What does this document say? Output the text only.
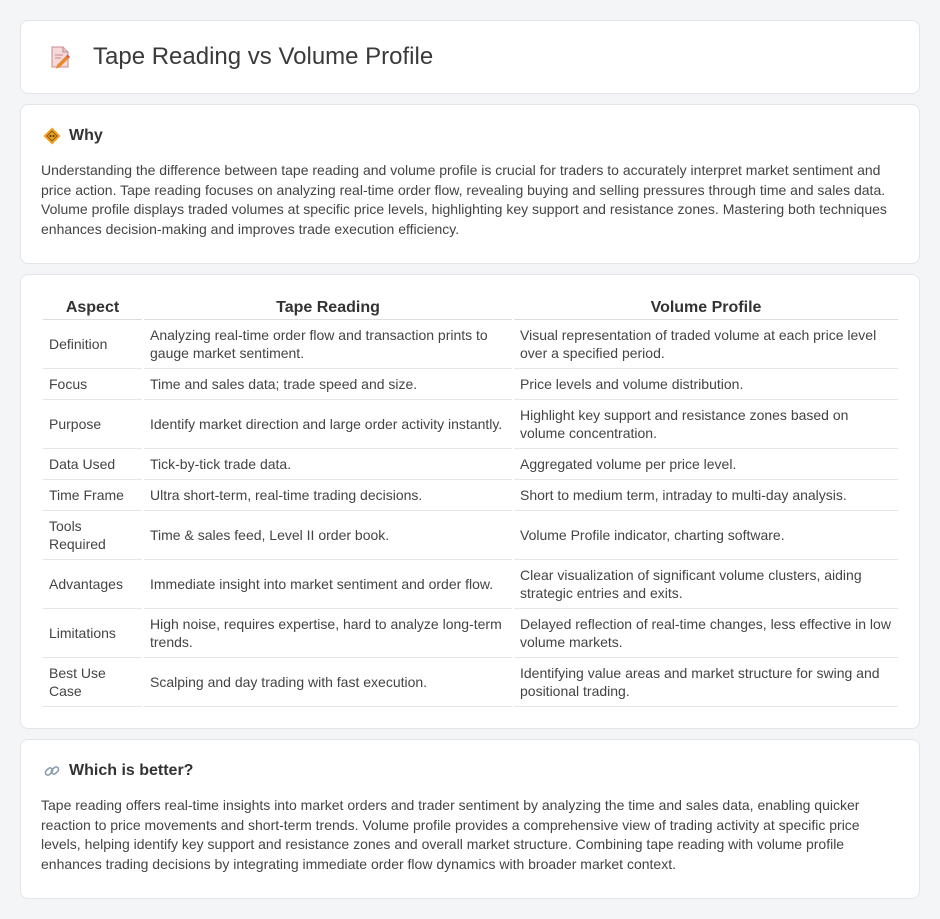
Tape Reading vs Volume Profile
Why

Understanding the difference between tape reading and volume profile is crucial for traders to accurately interpret market sentiment and price action. Tape reading focuses on analyzing real-time order flow, revealing buying and selling pressures through time and sales data. Volume profile displays traded volumes at specific price levels, highlighting key support and resistance zones. Mastering both techniques enhances decision-making and improves trade execution efficiency.

Aspect	Tape Reading	Volume Profile
Definition	Analyzing real-time order flow and transaction prints to gauge market sentiment.	Visual representation of traded volume at each price level over a specified period.
Focus	Time and sales data; trade speed and size.	Price levels and volume distribution.
Purpose	Identify market direction and large order activity instantly.	Highlight key support and resistance zones based on volume concentration.
Data Used	Tick-by-tick trade data.	Aggregated volume per price level.
Time Frame	Ultra short-term, real-time trading decisions.	Short to medium term, intraday to multi-day analysis.
Tools Required	Time & sales feed, Level II order book.	Volume Profile indicator, charting software.
Advantages	Immediate insight into market sentiment and order flow.	Clear visualization of significant volume clusters, aiding strategic entries and exits.
Limitations	High noise, requires expertise, hard to analyze long-term trends.	Delayed reflection of real-time changes, less effective in low volume markets.
Best Use Case	Scalping and day trading with fast execution.	Identifying value areas and market structure for swing and positional trading.
Which is better?

Tape reading offers real-time insights into market orders and trader sentiment by analyzing the time and sales data, enabling quicker reaction to price movements and short-term trends. Volume profile provides a comprehensive view of trading activity at specific price levels, helping identify key support and resistance zones and overall market structure. Combining tape reading with volume profile enhances trading decisions by integrating immediate order flow dynamics with broader market context.
